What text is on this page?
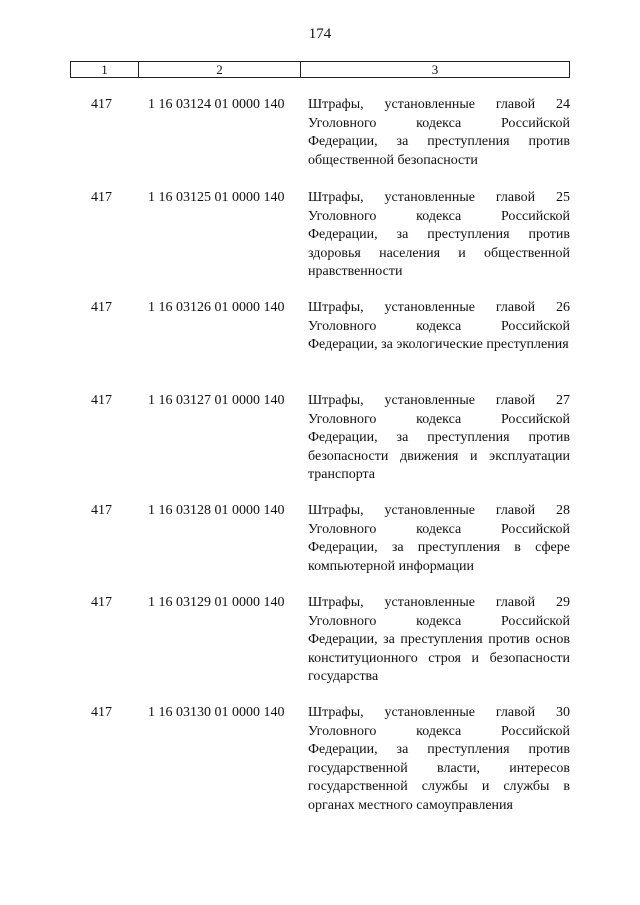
174
1	2	3
417	1 16 03124 01 0000 140 Штрафы, установленные главой 24 Уголовного кодекса Российской Федерации, за преступления против общественной безопасности
417	1 16 03125 01 0000 140 Штрафы, установленные главой 25 Уголовного кодекса Российской Федерации, за преступления против здоровья населения и общественной нравственности
417	1 16 03126 01 0000 140 Штрафы, установленные главой 26 Уголовного кодекса Российской Федерации, за экологические преступления
417	1 16 03127 01 0000 140 Штрафы, установленные главой 27 Уголовного кодекса Российской Федерации, за преступления против безопасности движения и эксплуатации транспорта
417	1 16 03128 01 0000 140 Штрафы, установленные главой 28 Уголовного кодекса Российской Федерации, за преступления в сфере компьютерной информации
417	1 16 03129 01 0000 140 Штрафы, установленные главой 29 Уголовного кодекса Российской Федерации, за преступления против основ конституционного строя и безопасности государства
417	1 16 03130 01 0000 140 Штрафы, установленные главой 30 Уголовного кодекса Российской Федерации, за преступления против государственной власти, интересов государственной службы и службы в органах местного самоуправления
